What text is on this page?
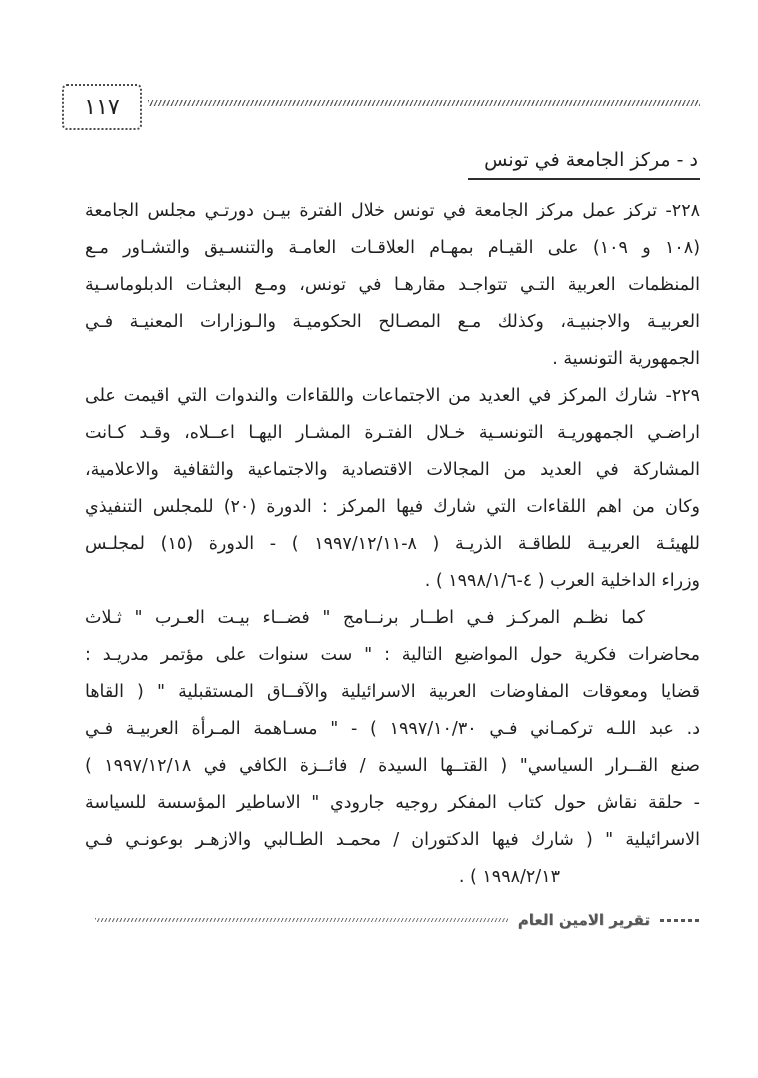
١١٧
د - مركز الجامعة في تونس
٢٢٨- تركز عمل مركز الجامعة في تونس خلال الفترة بيـن دورتـي مجلس الجامعة
(١٠٨ و ١٠٩) على القيـام بمهـام العلاقـات العامـة والتنسـيق والتشـاور مـع
المنظمات العربية التـي تتواجـد مقارهـا في تونس، ومـع البعثـات الدبلوماسـية
العربيـة والاجنبيـة، وكذلك مـع المصـالح الحكوميـة والـوزارات المعنيـة فـي
الجمهورية التونسية .
٢٢٩- شارك المركز في العديد من الاجتماعات واللقاءات والندوات التي اقيمت على
اراضـي الجمهوريـة التونسـية خـلال الفتـرة المشـار اليهـا اعــلاه، وقـد كـانت
المشاركة في العديد من المجالات الاقتصادية والاجتماعية والثقافية والاعلامية،
وكان من اهم اللقاءات التي شارك فيها المركز : الدورة (٢٠) للمجلس التنفيذي
للهيئـة العربيـة للطاقـة الذريـة ( ٨-١٩٩٧/١٢/١١ ) - الدورة (١٥) لمجلـس
وزراء الداخلية العرب ( ٤-١٩٩٨/١/٦ ) .
كما نظـم المركـز فـي اطــار برنــامج " فضــاء بيـت العـرب " ثـلاث
محاضرات فكرية حول المواضيع التالية : " ست سنوات على مؤتمر مدريـد :
قضايا ومعوقات المفاوضات العربية الاسرائيلية والآفــاق المستقبلية " ( القاها
د. عبد اللـه تركمـاني فـي ١٩٩٧/١٠/٣٠ ) - " مسـاهمة المـرأة العربيـة فـي
صنع القــرار السياسي" ( القتــها السيدة / فائــزة الكافي في ١٩٩٧/١٢/١٨ )
- حلقة نقاش حول كتاب المفكر روجيه جارودي " الاساطير المؤسسة للسياسة
الاسرائيلية " ( شارك فيها الدكتوران / محمـد الطـالبي والازهـر بوعونـي فـي
١٩٩٨/٢/١٣ ) .
تقرير الامين العام
